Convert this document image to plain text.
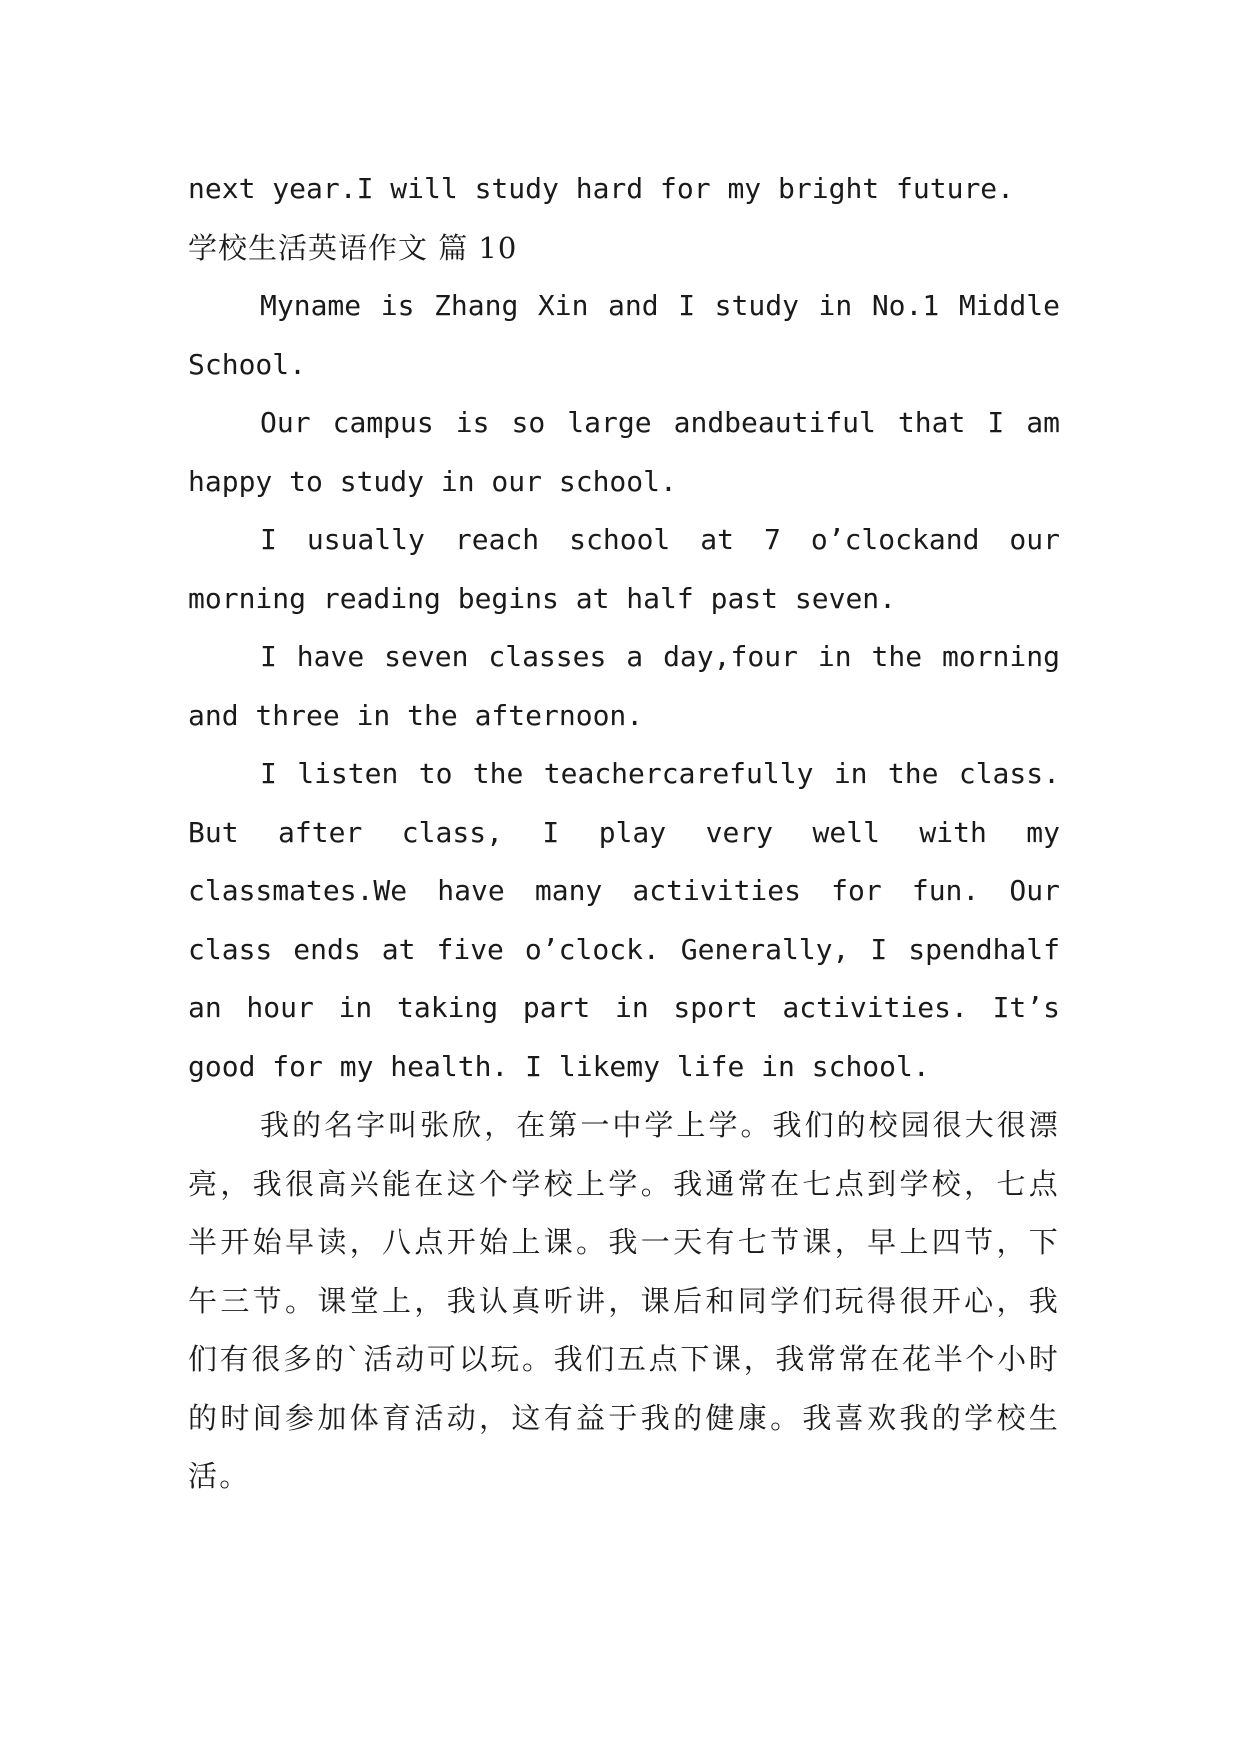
next year.I will study hard for my bright future.

学校生活英语作文 篇 10

Myname is Zhang Xin and I study in No.1 Middle School.

Our campus is so large andbeautiful that I am happy to study in our school.

I usually reach school at 7 o’clockand our morning reading begins at half past seven.

I have seven classes a day,four in the morning and three in the afternoon.

I listen to the teachercarefully in the class. But after class, I play very well with my classmates.We have many activities for fun. Our class ends at five o’clock. Generally, I spendhalf an hour in taking part in sport activities. It’s good for my health. I likemy life in school.

我的名字叫张欣，在第一中学上学。我们的校园很大很漂亮，我很高兴能在这个学校上学。我通常在七点到学校，七点半开始早读，八点开始上课。我一天有七节课，早上四节，下午三节。课堂上，我认真听讲，课后和同学们玩得很开心，我们有很多的`活动可以玩。我们五点下课，我常常在花半个小时的时间参加体育活动，这有益于我的健康。我喜欢我的学校生活。
